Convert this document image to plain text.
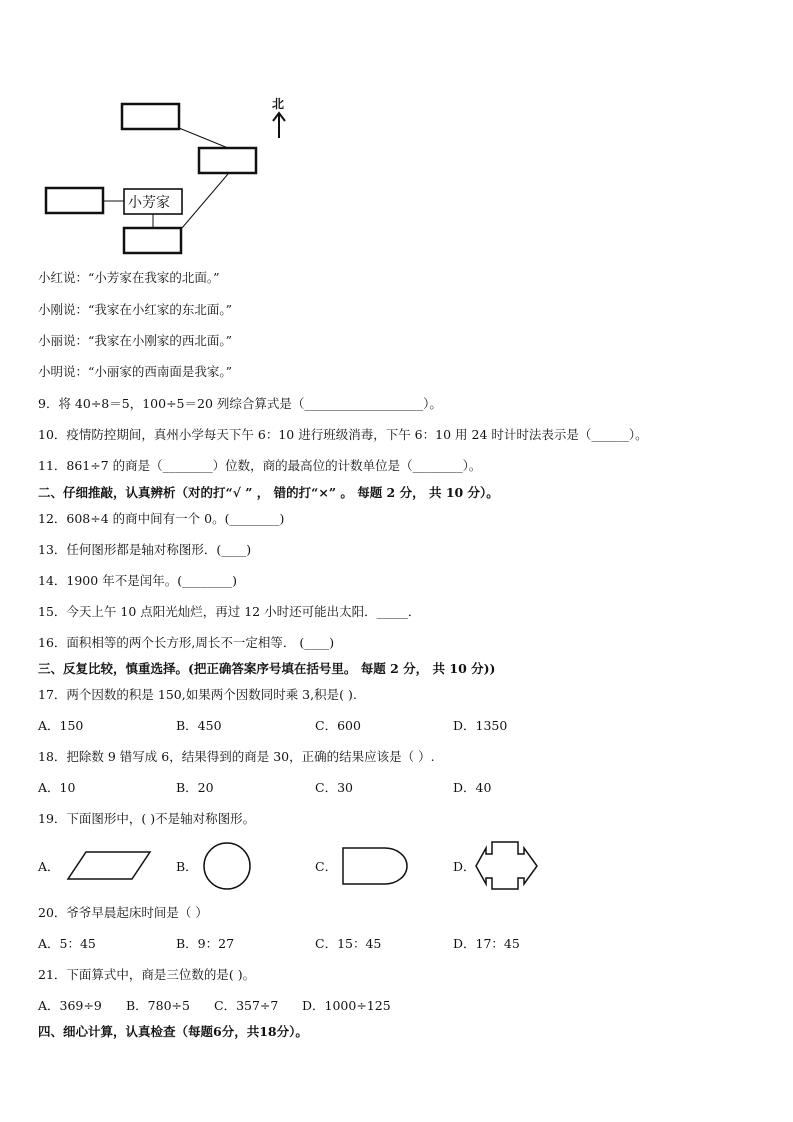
小芳家
北
小红说：“小芳家在我家的北面。”
小刚说：“我家在小红家的东北面。”
小丽说：“我家在小刚家的西北面。”
小明说：“小丽家的西南面是我家。”
9．将 40÷8＝5，100÷5＝20 列综合算式是（___________________）。
10．疫情防控期间，真州小学每天下午 6：10 进行班级消毒，下午 6：10 用 24 时计时法表示是（______）。
11．861÷7 的商是（________）位数，商的最高位的计数单位是（________）。
二、仔细推敲，认真辨析（对的打“√ ” ， 错的打“×” 。 每题 2 分， 共 10 分）。
12．608÷4 的商中间有一个 0。(________)
13．任何图形都是轴对称图形．(____)
14．1900 年不是闰年。(________)
15．今天上午 10 点阳光灿烂，再过 12 小时还可能出太阳．_____．
16．面积相等的两个长方形,周长不一定相等． (____)
三、反复比较，慎重选择。(把正确答案序号填在括号里。 每题 2 分， 共 10 分))
17．两个因数的积是 150,如果两个因数同时乘 3,积是( ).
A．150	B．450	C．600	D．1350
18．把除数 9 错写成 6，结果得到的商是 30，正确的结果应该是（ ）.
A．10	B．20	C．30	D．40
19．下面图形中，( )不是轴对称图形。
A．	B．	C．	D．
20．爷爷早晨起床时间是（ ）
A．5：45	B．9：27	C．15：45	D．17：45
21．下面算式中，商是三位数的是( )。
A．369÷9 B．780÷5 C．357÷7 D．1000÷125
四、细心计算，认真检查（每题6分，共18分）。
